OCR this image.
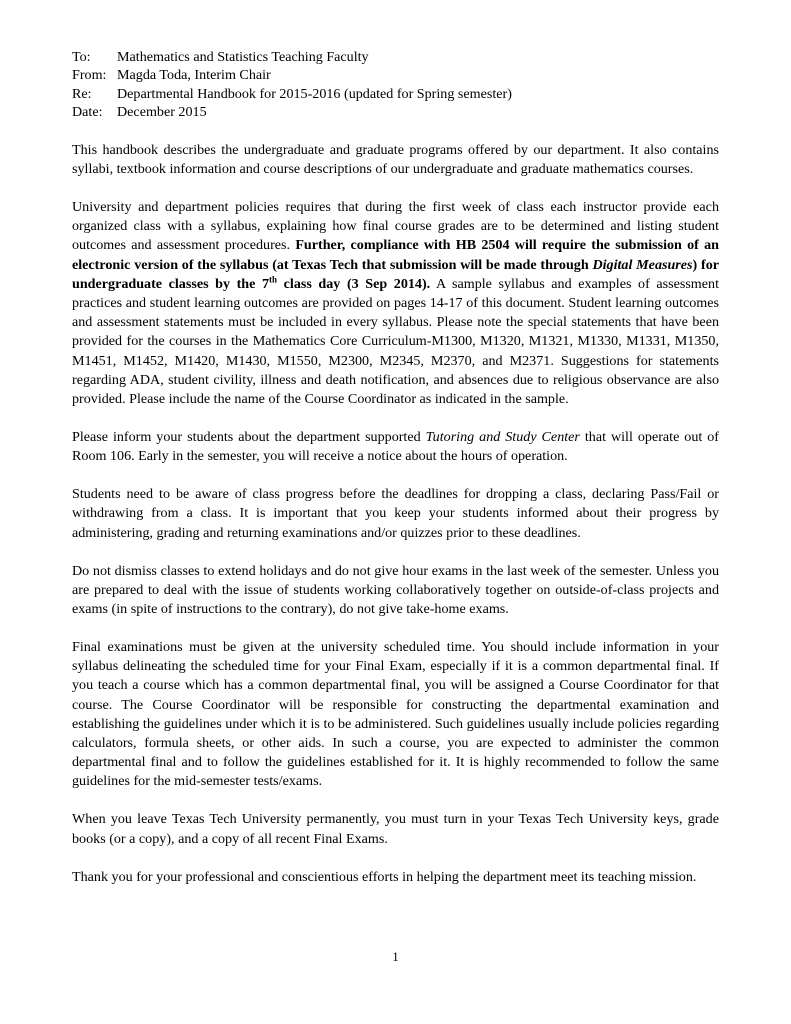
To:	Mathematics and Statistics Teaching Faculty
From: Magda Toda, Interim Chair
Re:	Departmental Handbook for 2015-2016 (updated for Spring semester)
Date:	December 2015

This handbook describes the undergraduate and graduate programs offered by our department. It also contains syllabi, textbook information and course descriptions of our undergraduate and graduate mathematics courses.

University and department policies requires that during the first week of class each instructor provide each organized class with a syllabus, explaining how final course grades are to be determined and listing student outcomes and assessment procedures. Further, compliance with HB 2504 will require the submission of an electronic version of the syllabus (at Texas Tech that submission will be made through Digital Measures) for undergraduate classes by the 7th class day (3 Sep 2014). A sample syllabus and examples of assessment practices and student learning outcomes are provided on pages 14-17 of this document. Student learning outcomes and assessment statements must be included in every syllabus. Please note the special statements that have been provided for the courses in the Mathematics Core Curriculum-M1300, M1320, M1321, M1330, M1331, M1350, M1451, M1452, M1420, M1430, M1550, M2300, M2345, M2370, and M2371. Suggestions for statements regarding ADA, student civility, illness and death notification, and absences due to religious observance are also provided. Please include the name of the Course Coordinator as indicated in the sample.

Please inform your students about the department supported Tutoring and Study Center that will operate out of Room 106. Early in the semester, you will receive a notice about the hours of operation.

Students need to be aware of class progress before the deadlines for dropping a class, declaring Pass/Fail or withdrawing from a class. It is important that you keep your students informed about their progress by administering, grading and returning examinations and/or quizzes prior to these deadlines.

Do not dismiss classes to extend holidays and do not give hour exams in the last week of the semester. Unless you are prepared to deal with the issue of students working collaboratively together on outside-of-class projects and exams (in spite of instructions to the contrary), do not give take-home exams.

Final examinations must be given at the university scheduled time. You should include information in your syllabus delineating the scheduled time for your Final Exam, especially if it is a common departmental final. If you teach a course which has a common departmental final, you will be assigned a Course Coordinator for that course. The Course Coordinator will be responsible for constructing the departmental examination and establishing the guidelines under which it is to be administered. Such guidelines usually include policies regarding calculators, formula sheets, or other aids. In such a course, you are expected to administer the common departmental final and to follow the guidelines established for it. It is highly recommended to follow the same guidelines for the mid-semester tests/exams.

When you leave Texas Tech University permanently, you must turn in your Texas Tech University keys, grade books (or a copy), and a copy of all recent Final Exams.

Thank you for your professional and conscientious efforts in helping the department meet its teaching mission.

1
